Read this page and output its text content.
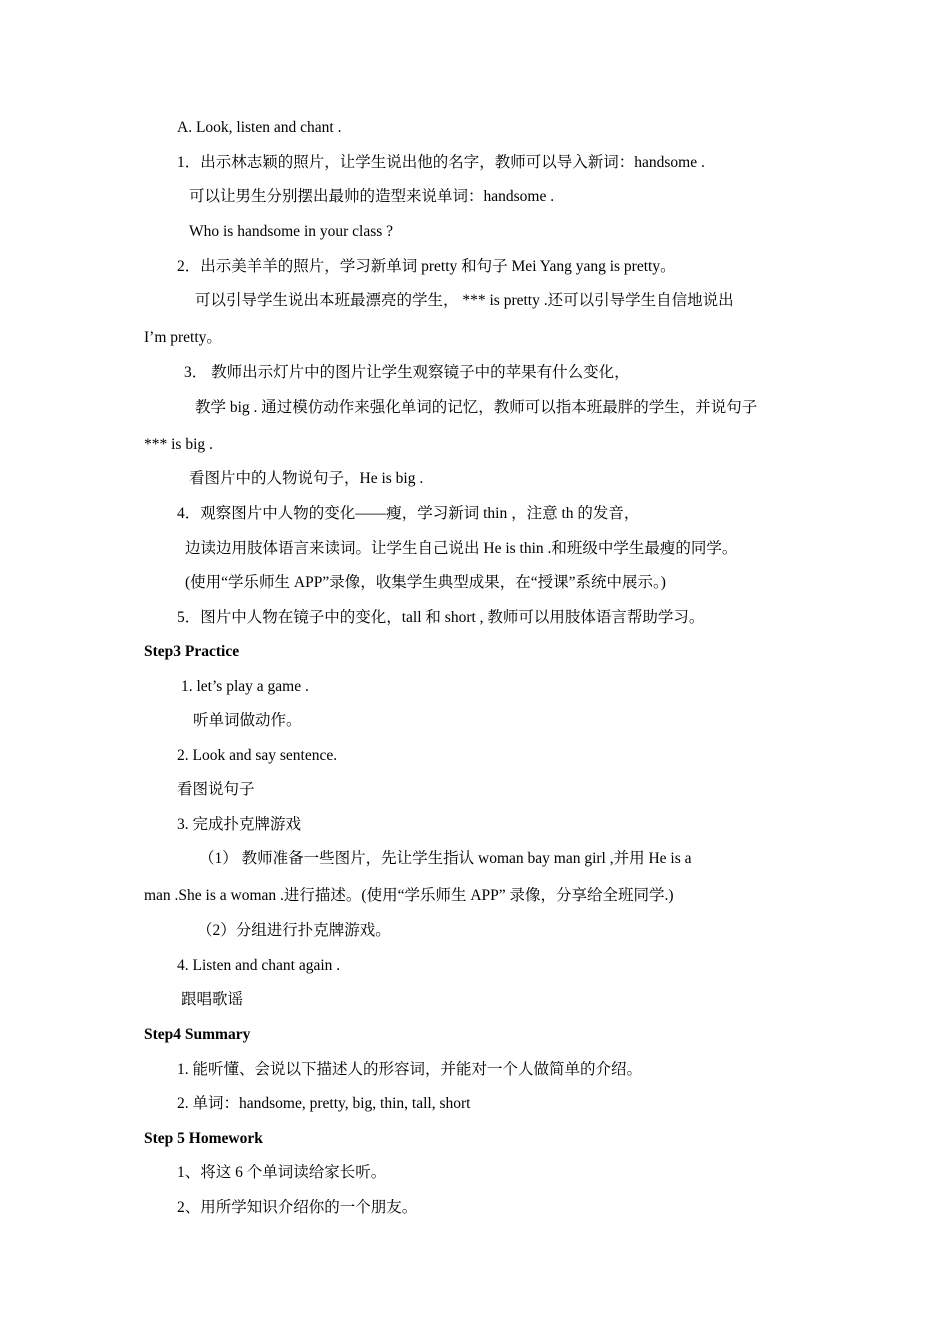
A. Look, listen and chant .
1．出示林志颖的照片，让学生说出他的名字，教师可以导入新词：handsome .
可以让男生分别摆出最帅的造型来说单词：handsome .
Who is handsome in your class ?
2．出示美羊羊的照片，学习新单词 pretty 和句子 Mei Yang yang is pretty。
可以引导学生说出本班最漂亮的学生， *** is pretty .还可以引导学生自信地说出
I’m pretty。
3． 教师出示灯片中的图片让学生观察镜子中的苹果有什么变化，
教学 big . 通过模仿动作来强化单词的记忆，教师可以指本班最胖的学生，并说句子
*** is big .
看图片中的人物说句子，He is big .
4．观察图片中人物的变化——瘦，学习新词 thin ，注意 th 的发音，
边读边用肢体语言来读词。让学生自己说出 He is thin .和班级中学生最瘦的同学。
(使用“学乐师生 APP”录像，收集学生典型成果，在“授课”系统中展示。)
5．图片中人物在镜子中的变化，tall 和 short , 教师可以用肢体语言帮助学习。
Step3 Practice
1. let’s play a game .
听单词做动作。
2. Look and say sentence.
看图说句子
3. 完成扑克牌游戏
（1） 教师准备一些图片，先让学生指认 woman bay man girl ,并用 He is a
man .She is a woman .进行描述。(使用“学乐师生 APP” 录像，分享给全班同学.)
（2）分组进行扑克牌游戏。
4. Listen and chant again .
跟唱歌谣
Step4 Summary
1. 能听懂、会说以下描述人的形容词，并能对一个人做简单的介绍。
2. 单词：handsome, pretty, big, thin, tall, short
Step 5 Homework
1、将这 6 个单词读给家长听。
2、用所学知识介绍你的一个朋友。
